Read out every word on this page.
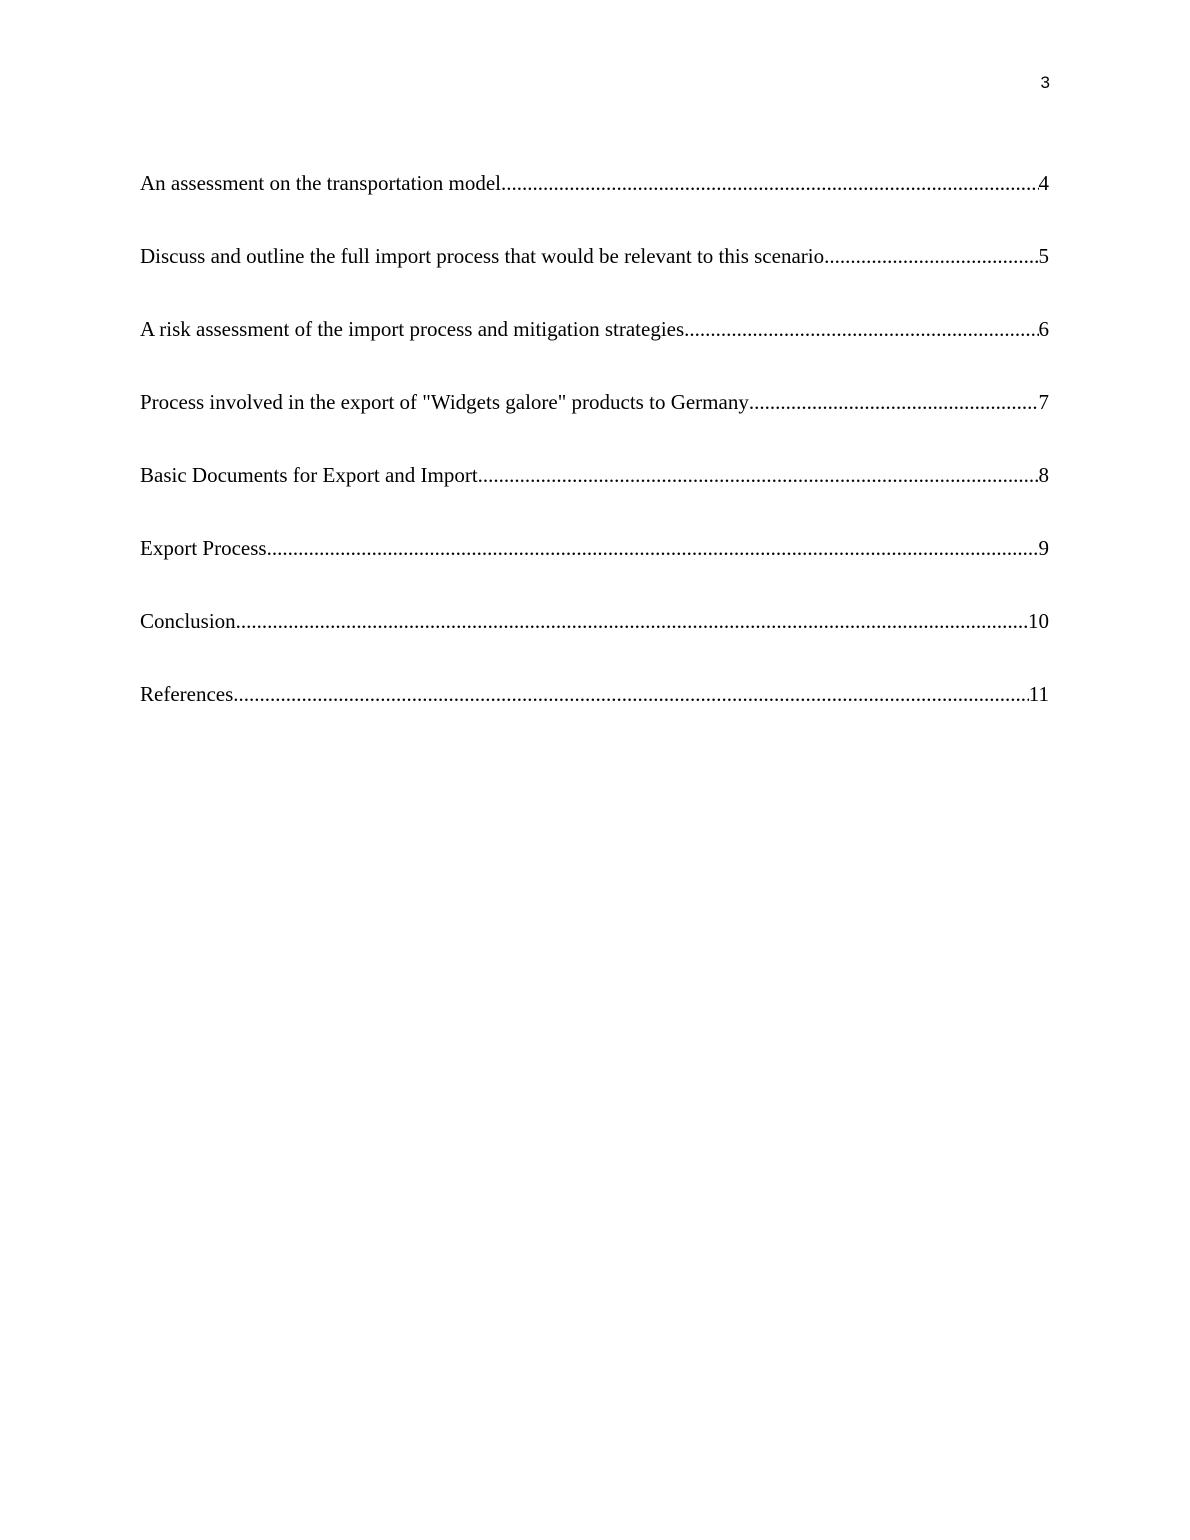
3
An assessment on the transportation model .....	4
Discuss and outline the full import process that would be relevant to this scenario .....	5
A risk assessment of the import process and mitigation strategies .....	6
Process involved in the export of "Widgets galore" products to Germany .....	7
Basic Documents for Export and Import .....	8
Export Process .....	9
Conclusion .....	10
References .....	11
